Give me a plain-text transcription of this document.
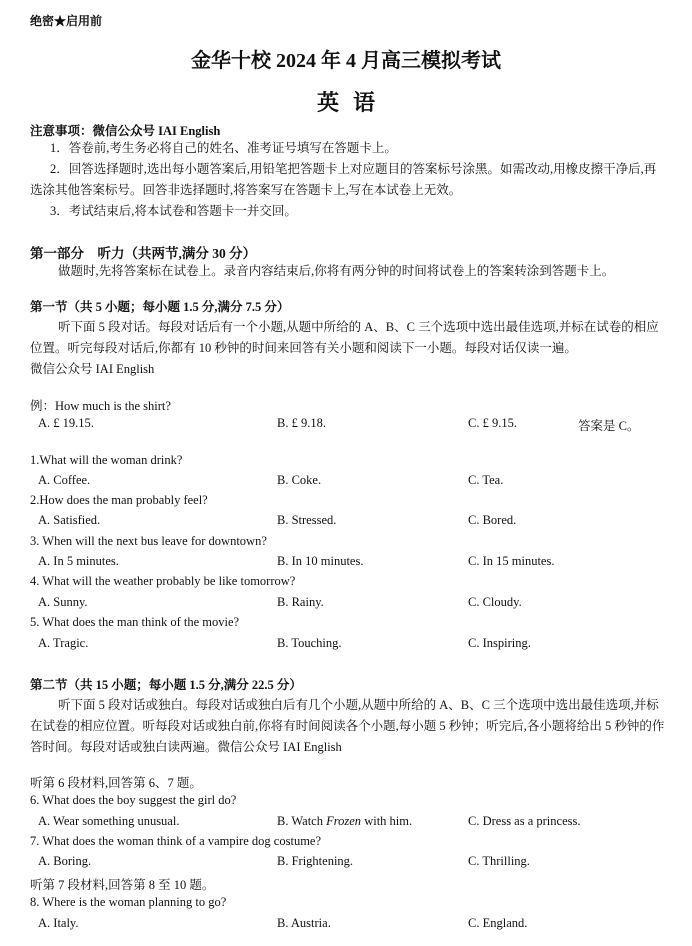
绝密★启用前
金华十校 2024 年 4 月高三模拟考试
英语
注意事项：微信公众号 IAI English
1．答卷前,考生务必将自己的姓名、准考证号填写在答题卡上。
2．回答选择题时,选出每小题答案后,用铅笔把答题卡上对应题目的答案标号涂黑。如需改动,用橡皮擦干净后,再选涂其他答案标号。回答非选择题时,将答案写在答题卡上,写在本试卷上无效。
3．考试结束后,将本试卷和答题卡一并交回。
第一部分　听力（共两节,满分 30 分）
做题时,先将答案标在试卷上。录音内容结束后,你将有两分钟的时间将试卷上的答案转涂到答题卡上。
第一节（共 5 小题；每小题 1.5 分,满分 7.5 分）
听下面 5 段对话。每段对话后有一个小题,从题中所给的 A、B、C 三个选项中选出最佳选项,并标在试卷的相应位置。听完每段对话后,你都有 10 秒钟的时间来回答有关小题和阅读下一小题。每段对话仅读一遍。
微信公众号 IAI English
例：How much is the shirt?
A. £ 19.15.	B. £ 9.18.	C. £ 9.15.	答案是 C。
1.What will the woman drink?
A. Coffee.	B. Coke.	C. Tea.
2.How does the man probably feel?
A. Satisfied.	B. Stressed.	C. Bored.
3. When will the next bus leave for downtown?
A. In 5 minutes.	B. In 10 minutes.	C. In 15 minutes.
4. What will the weather probably be like tomorrow?
A. Sunny.	B. Rainy.	C. Cloudy.
5. What does the man think of the movie?
A. Tragic.	B. Touching.	C. Inspiring.
第二节（共 15 小题；每小题 1.5 分,满分 22.5 分）
听下面 5 段对话或独白。每段对话或独白后有几个小题,从题中所给的 A、B、C 三个选项中选出最佳选项,并标在试卷的相应位置。听每段对话或独白前,你将有时间阅读各个小题,每小题 5 秒钟；听完后,各小题将给出 5 秒钟的作答时间。每段对话或独白读两遍。微信公众号 IAI English
听第 6 段材料,回答第 6、7 题。
6. What does the boy suggest the girl do?
A. Wear something unusual.	B. Watch Frozen with him.	C. Dress as a princess.
7. What does the woman think of a vampire dog costume?
A. Boring.	B. Frightening.	C. Thrilling.
听第 7 段材料,回答第 8 至 10 题。
8. Where is the woman planning to go?
A. Italy.	B. Austria.	C. England.
